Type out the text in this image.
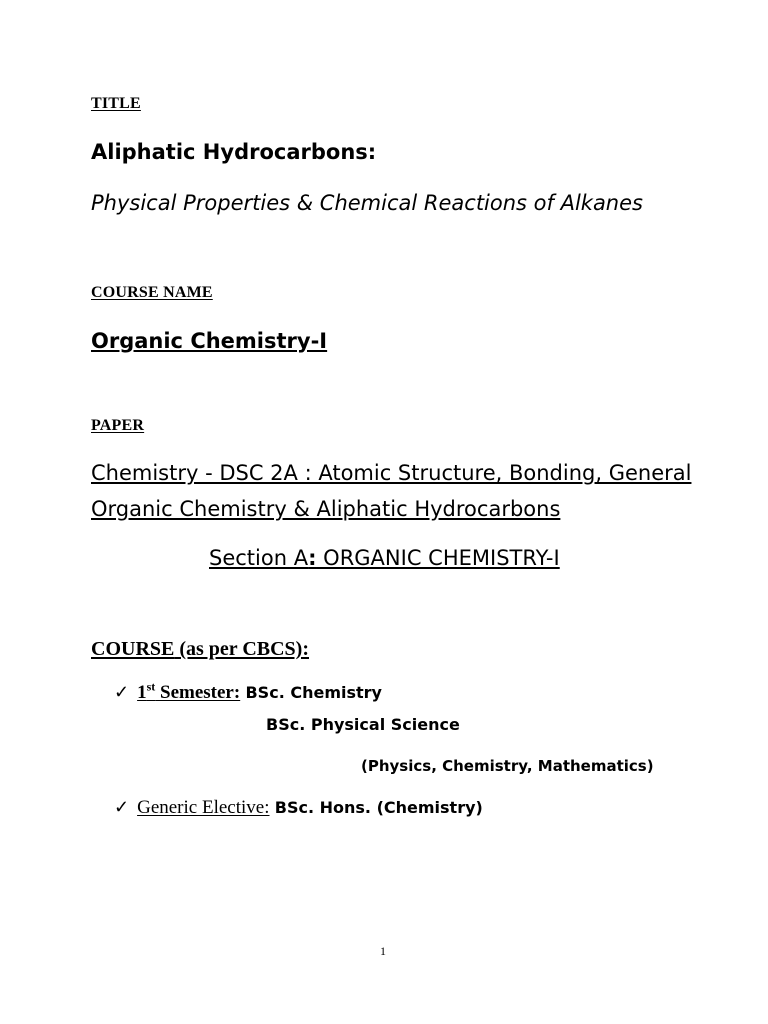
TITLE
Aliphatic Hydrocarbons:
Physical Properties & Chemical Reactions of Alkanes
COURSE NAME
Organic Chemistry-I
PAPER
Chemistry - DSC 2A : Atomic Structure, Bonding, General
Organic Chemistry & Aliphatic Hydrocarbons
Section A: ORGANIC CHEMISTRY-I
COURSE (as per CBCS):
✓ 1st Semester: BSc. Chemistry
BSc. Physical Science
(Physics, Chemistry, Mathematics)
✓ Generic Elective: BSc. Hons. (Chemistry)
1
